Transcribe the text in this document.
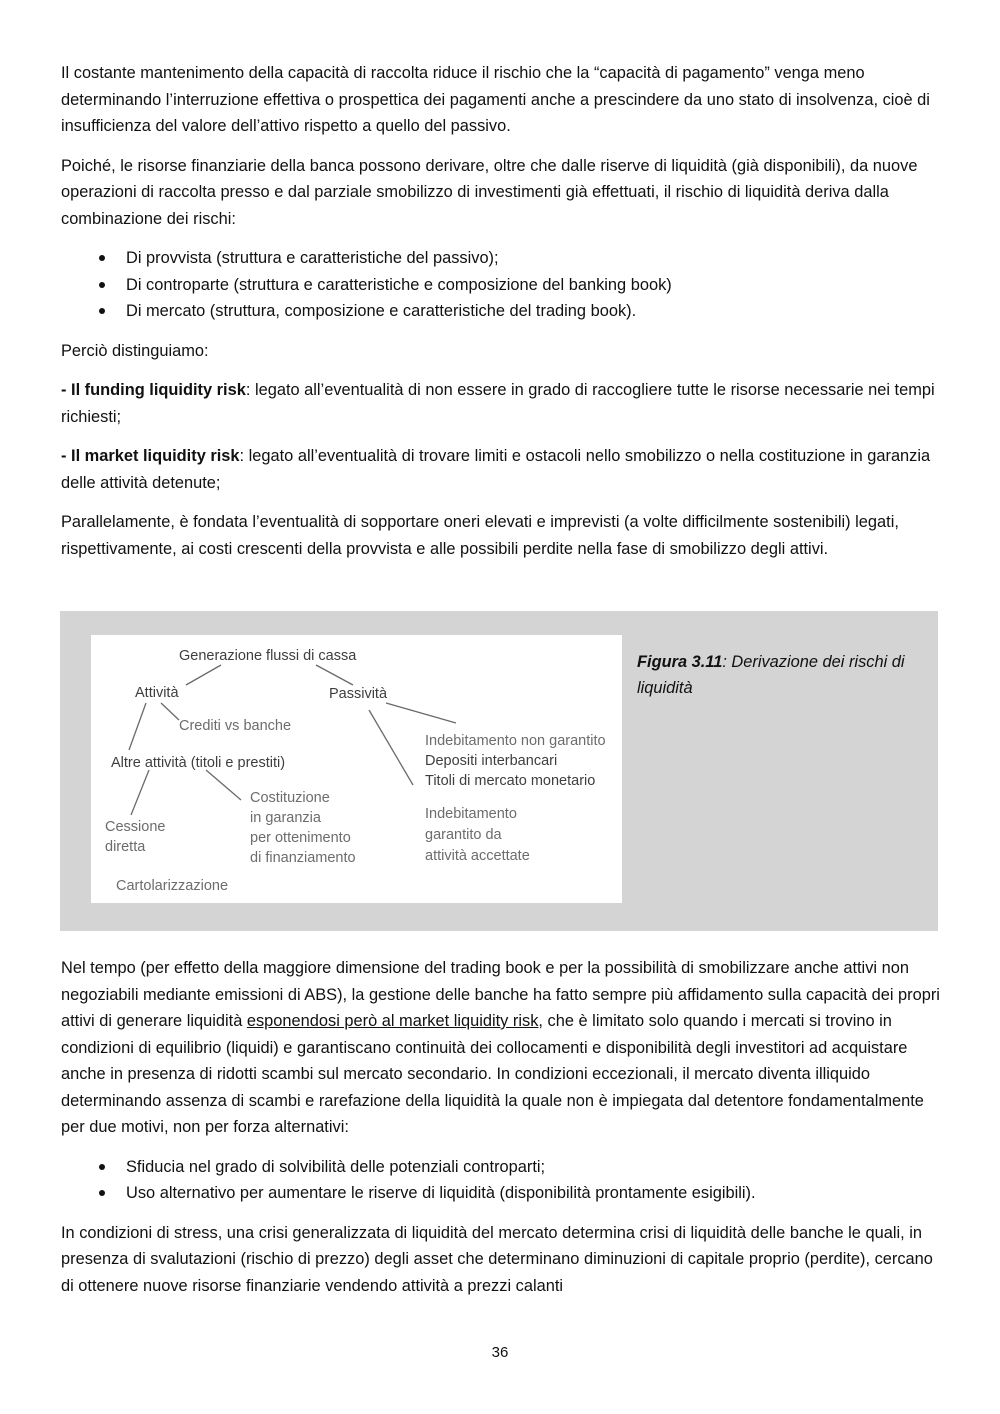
Il costante mantenimento della capacità di raccolta riduce il rischio che la “capacità di pagamento” venga meno determinando l’interruzione effettiva o prospettica dei pagamenti anche a prescindere da uno stato di insolvenza, cioè di insufficienza del valore dell’attivo rispetto a quello del passivo.

Poiché, le risorse finanziarie della banca possono derivare, oltre che dalle riserve di liquidità (già disponibili), da nuove operazioni di raccolta presso e dal parziale smobilizzo di investimenti già effettuati, il rischio di liquidità deriva dalla combinazione dei rischi:

Di provvista (struttura e caratteristiche del passivo);
Di controparte (struttura e caratteristiche e composizione del banking book)
Di mercato (struttura, composizione e caratteristiche del trading book).

Perciò distinguiamo:

- Il funding liquidity risk: legato all’eventualità di non essere in grado di raccogliere tutte le risorse necessarie nei tempi richiesti;

- Il market liquidity risk: legato all’eventualità di trovare limiti e ostacoli nello smobilizzo o nella costituzione in garanzia delle attività detenute;

Parallelamente, è fondata l’eventualità di sopportare oneri elevati e imprevisti (a volte difficilmente sostenibili) legati, rispettivamente, ai costi crescenti della provvista e alle possibili perdite nella fase di smobilizzo degli attivi.

Generazione flussi di cassa
Attività	Passività
Crediti vs banche
Altre attività (titoli e prestiti)
Cessione
diretta
Costituzione
in garanzia
per ottenimento
di finanziamento
Cartolarizzazione
Indebitamento non garantito
Depositi interbancari
Titoli di mercato monetario
Indebitamento
garantito da
attività accettate
Figura 3.11: Derivazione dei rischi di liquidità

Nel tempo (per effetto della maggiore dimensione del trading book e per la possibilità di smobilizzare anche attivi non negoziabili mediante emissioni di ABS), la gestione delle banche ha fatto sempre più affidamento sulla capacità dei propri attivi di generare liquidità esponendosi però al market liquidity risk, che è limitato solo quando i mercati si trovino in condizioni di equilibrio (liquidi) e garantiscano continuità dei collocamenti e disponibilità degli investitori ad acquistare anche in presenza di ridotti scambi sul mercato secondario. In condizioni eccezionali, il mercato diventa illiquido determinando assenza di scambi e rarefazione della liquidità la quale non è impiegata dal detentore fondamentalmente per due motivi, non per forza alternativi:

Sfiducia nel grado di solvibilità delle potenziali controparti;
Uso alternativo per aumentare le riserve di liquidità (disponibilità prontamente esigibili).

In condizioni di stress, una crisi generalizzata di liquidità del mercato determina crisi di liquidità delle banche le quali, in presenza di svalutazioni (rischio di prezzo) degli asset che determinano diminuzioni di capitale proprio (perdite), cercano di ottenere nuove risorse finanziarie vendendo attività a prezzi calanti

36
